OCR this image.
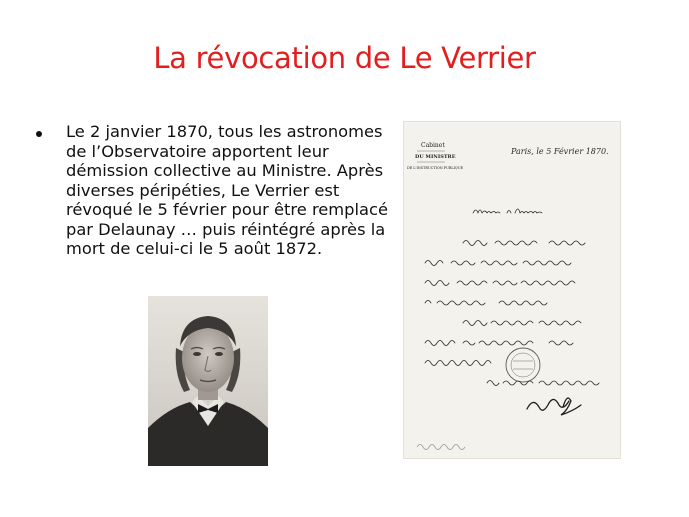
La révocation de Le Verrier
Le 2 janvier 1870, tous les astronomes de l’Observatoire apportent leur démission collective au Ministre. Après diverses péripéties, Le Verrier est révoqué le 5 février pour être remplacé par Delaunay … puis réintégré après la mort de celui-ci le 5 août 1872.
Cabinet
DU MINISTRE
DE L'INSTRUCTION PUBLIQUE
Paris, le 5 Février 1870.
